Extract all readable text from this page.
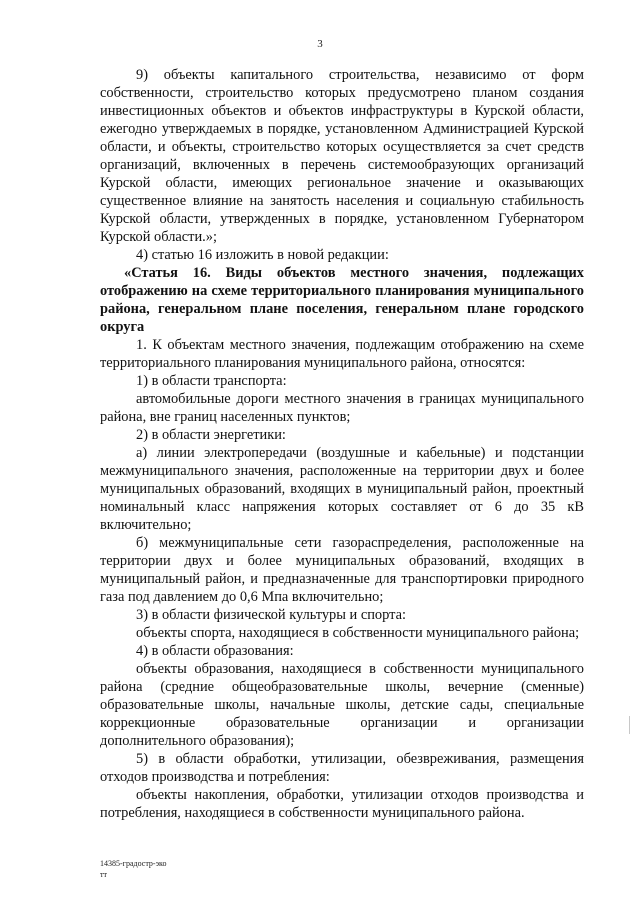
3

9) объекты капитального строительства, независимо от форм собственности, строительство которых предусмотрено планом создания инвестиционных объектов и объектов инфраструктуры в Курской области, ежегодно утверждаемых в порядке, установленном Администрацией Курской области, и объекты, строительство которых осуществляется за счет средств организаций, включенных в перечень системообразующих организаций Курской области, имеющих региональное значение и оказывающих существенное влияние на занятость населения и социальную стабильность Курской области, утвержденных в порядке, установленном Губернатором Курской области.»;

4) статью 16 изложить в новой редакции:

«Статья 16. Виды объектов местного значения, подлежащих отображению на схеме территориального планирования муниципального района, генеральном плане поселения, генеральном плане городского округа

1. К объектам местного значения, подлежащим отображению на схеме территориального планирования муниципального района, относятся:

1) в области транспорта:

автомобильные дороги местного значения в границах муниципального района, вне границ населенных пунктов;

2) в области энергетики:

а) линии электропередачи (воздушные и кабельные) и подстанции межмуниципального значения, расположенные на территории двух и более муниципальных образований, входящих в муниципальный район, проектный номинальный класс напряжения которых составляет от 6 до 35 кВ включительно;

б) межмуниципальные сети газораспределения, расположенные на территории двух и более муниципальных образований, входящих в муниципальный район, и предназначенные для транспортировки природного газа под давлением до 0,6 Мпа включительно;

3) в области физической культуры и спорта:

объекты спорта, находящиеся в собственности муниципального района;

4) в области образования:

объекты образования, находящиеся в собственности муниципального района (средние общеобразовательные школы, вечерние (сменные) образовательные школы, начальные школы, детские сады, специальные коррекционные образовательные организации и организации дополнительного образования);

5) в области обработки, утилизации, обезвреживания, размещения отходов производства и потребления:

объекты накопления, обработки, утилизации отходов производства и потребления, находящиеся в собственности муниципального района.

14385-градостр-эко
тт
